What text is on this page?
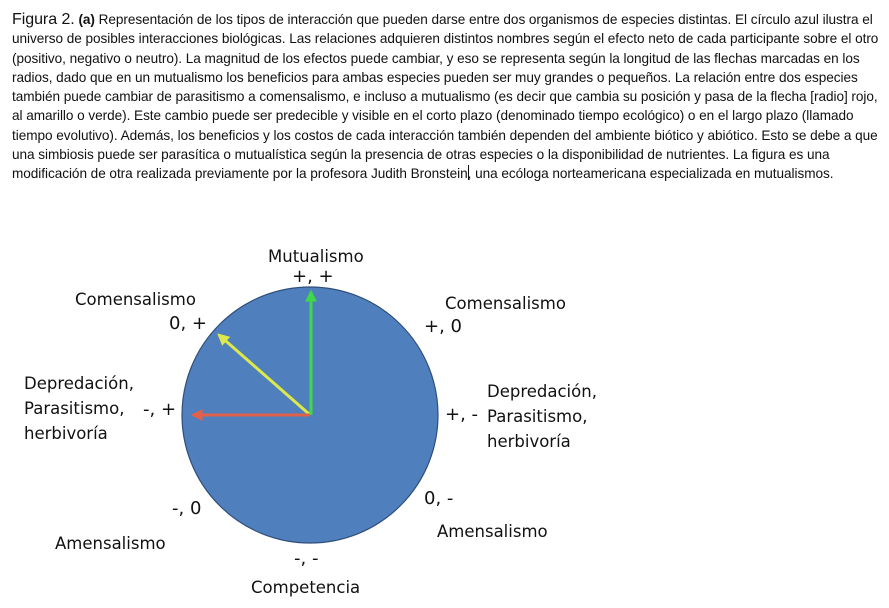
Figura 2. (a) Representación de los tipos de interacción que pueden darse entre dos organismos de especies distintas. El círculo azul ilustra el universo de posibles interacciones biológicas. Las relaciones adquieren distintos nombres según el efecto neto de cada participante sobre el otro (positivo, negativo o neutro). La magnitud de los efectos puede cambiar, y eso se representa según la longitud de las flechas marcadas en los radios, dado que en un mutualismo los beneficios para ambas especies pueden ser muy grandes o pequeños. La relación entre dos especies también puede cambiar de parasitismo a comensalismo, e incluso a mutualismo (es decir que cambia su posición y pasa de la flecha [radio] rojo, al amarillo o verde). Este cambio puede ser predecible y visible en el corto plazo (denominado tiempo ecológico) o en el largo plazo (llamado tiempo evolutivo). Además, los beneficios y los costos de cada interacción también dependen del ambiente biótico y abiótico. Esto se debe a que una simbiosis puede ser parasítica o mutualística según la presencia de otras especies o la disponibilidad de nutrientes. La figura es una modificación de otra realizada previamente por la profesora Judith Bronstein, una ecóloga norteamericana especializada en mutualismos.
Mutualismo
+, +
Comensalismo
0, +
Comensalismo
+, 0
Depredación,
Parasitismo,
herbivoría
-, +	+, -
Depredación,
Parasitismo,
herbivoría
-, 0
Amensalismo
0, -
Amensalismo
-, -
Competencia
